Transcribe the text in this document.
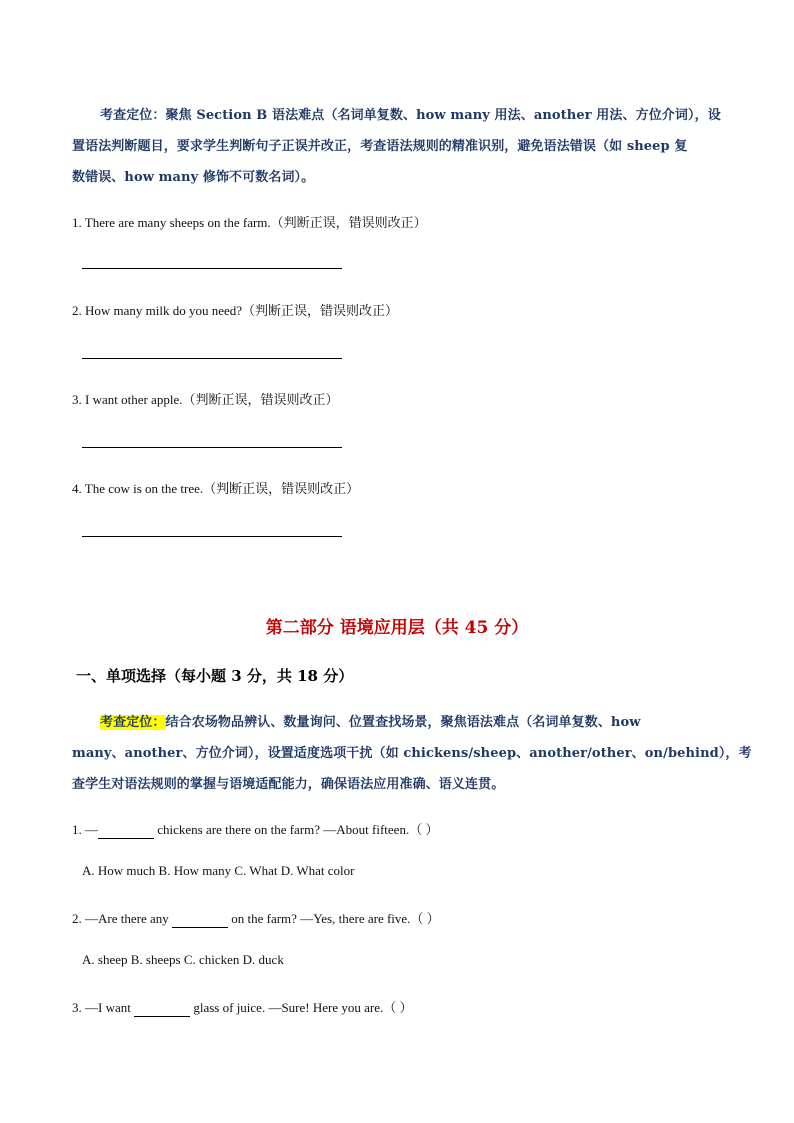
考查定位：聚焦 Section B 语法难点（名词单复数、how many 用法、another 用法、方位介词），设
置语法判断题目，要求学生判断句子正误并改正，考查语法规则的精准识别，避免语法错误（如 sheep 复
数错误、how many 修饰不可数名词）。
1. There are many sheeps on the farm.（判断正误，错误则改正）
2. How many milk do you need?（判断正误，错误则改正）
3. I want other apple.（判断正误，错误则改正）
4. The cow is on the tree.（判断正误，错误则改正）
第二部分 语境应用层（共 45 分）
一、单项选择（每小题 3 分，共 18 分）
考查定位：结合农场物品辨认、数量询问、位置查找场景，聚焦语法难点（名词单复数、how
many、another、方位介词），设置适度选项干扰（如 chickens/sheep、another/other、on/behind），考
查学生对语法规则的掌握与语境适配能力，确保语法应用准确、语义连贯。
1. —	chickens are there on the farm? —About fifteen.（ ）
A. How much B. How many C. What D. What color
2. —Are there any	on the farm? —Yes, there are five.（ ）
A. sheep B. sheeps C. chicken D. duck
3. —I want	glass of juice. —Sure! Here you are.（ ）
